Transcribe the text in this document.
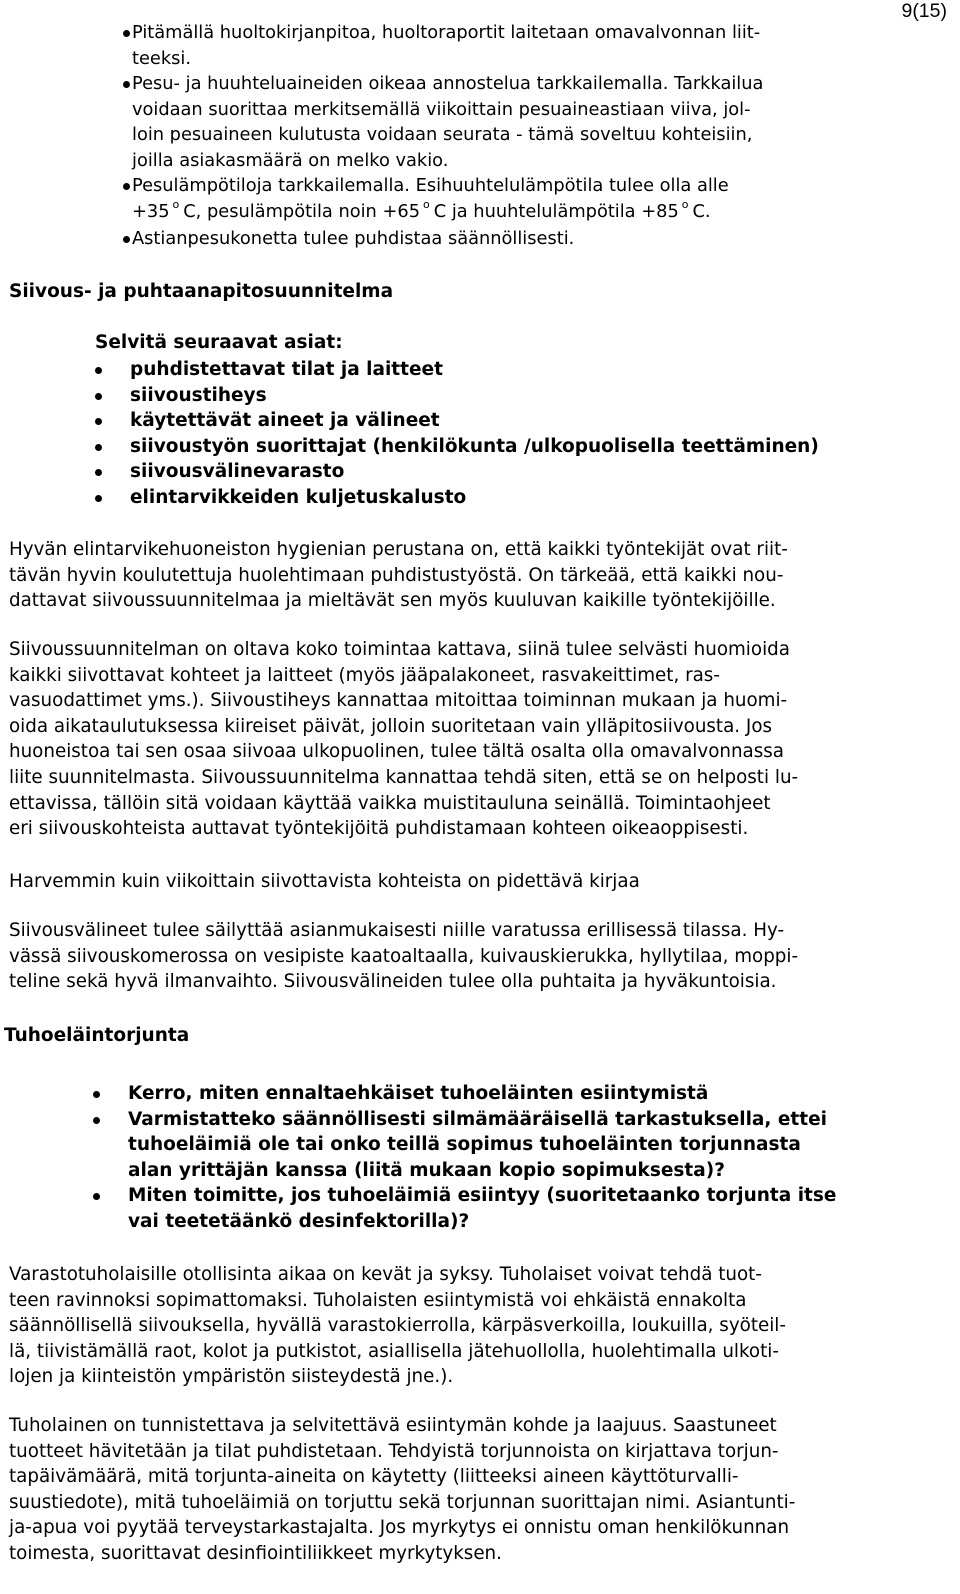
9(15)
Pitämällä huoltokirjanpitoa, huoltoraportit laitetaan omavalvonnan liit-
teeksi.
Pesu- ja huuhteluaineiden oikeaa annostelua tarkkailemalla. Tarkkailua
voidaan suorittaa merkitsemällä viikoittain pesuaineastiaan viiva, jol-
loin pesuaineen kulutusta voidaan seurata - tämä soveltuu kohteisiin,
joilla asiakasmäärä on melko vakio.
Pesulämpötiloja tarkkailemalla. Esihuuhtelulämpötila tulee olla alle
+35 $^o$ C, pesulämpötila noin +65 $^o$ C ja huuhtelulämpötila +85 $^o$ C.
Astianpesukonetta tulee puhdistaa säännöllisesti.
Siivous- ja puhtaanapitosuunnitelma
Selvitä seuraavat asiat:
puhdistettavat tilat ja laitteet
siivoustiheys
käytettävät aineet ja välineet
siivoustyön suorittajat (henkilökunta /ulkopuolisella teettäminen)
siivousvälinevarasto
elintarvikkeiden kuljetuskalusto

Hyvän elintarvikehuoneiston hygienian perustana on, että kaikki työntekijät ovat riit-
tävän hyvin koulutettuja huolehtimaan puhdistustyöstä. On tärkeää, että kaikki nou-
dattavat siivoussuunnitelmaa ja mieltävät sen myös kuuluvan kaikille työntekijöille.

Siivoussuunnitelman on oltava koko toimintaa kattava, siinä tulee selvästi huomioida
kaikki siivottavat kohteet ja laitteet (myös jääpalakoneet, rasvakeittimet, ras-
vasuodattimet yms.). Siivoustiheys kannattaa mitoittaa toiminnan mukaan ja huomi-
oida aikataulutuksessa kiireiset päivät, jolloin suoritetaan vain ylläpitosiivousta. Jos
huoneistoa tai sen osaa siivoaa ulkopuolinen, tulee tältä osalta olla omavalvonnassa
liite suunnitelmasta. Siivoussuunnitelma kannattaa tehdä siten, että se on helposti lu-
ettavissa, tällöin sitä voidaan käyttää vaikka muistitauluna seinällä. Toimintaohjeet
eri siivouskohteista auttavat työntekijöitä puhdistamaan kohteen oikeaoppisesti.

Harvemmin kuin viikoittain siivottavista kohteista on pidettävä kirjaa

Siivousvälineet tulee säilyttää asianmukaisesti niille varatussa erillisessä tilassa. Hy-
vässä siivouskomerossa on vesipiste kaatoaltaalla, kuivauskierukka, hyllytilaa, moppi-
teline sekä hyvä ilmanvaihto. Siivousvälineiden tulee olla puhtaita ja hyväkuntoisia.

Tuhoeläintorjunta
Kerro, miten ennaltaehkäiset tuhoeläinten esiintymistä
Varmistatteko säännöllisesti silmämääräisellä tarkastuksella, ettei
tuhoeläimiä ole tai onko teillä sopimus tuhoeläinten torjunnasta
alan yrittäjän kanssa (liitä mukaan kopio sopimuksesta)?
Miten toimitte, jos tuhoeläimiä esiintyy (suoritetaanko torjunta itse
vai teetetäänkö desinfektorilla)?

Varastotuholaisille otollisinta aikaa on kevät ja syksy. Tuholaiset voivat tehdä tuot-
teen ravinnoksi sopimattomaksi. Tuholaisten esiintymistä voi ehkäistä ennakolta
säännöllisellä siivouksella, hyvällä varastokierrolla, kärpäsverkoilla, loukuilla, syöteil-
lä, tiivistämällä raot, kolot ja putkistot, asiallisella jätehuollolla, huolehtimalla ulkoti-
lojen ja kiinteistön ympäristön siisteydestä jne.).

Tuholainen on tunnistettava ja selvitettävä esiintymän kohde ja laajuus. Saastuneet
tuotteet hävitetään ja tilat puhdistetaan. Tehdyistä torjunnoista on kirjattava torjun-
tapäivämäärä, mitä torjunta-aineita on käytetty (liitteeksi aineen käyttöturvalli-
suustiedote), mitä tuhoeläimiä on torjuttu sekä torjunnan suorittajan nimi. Asiantunti-
ja-apua voi pyytää terveystarkastajalta. Jos myrkytys ei onnistu oman henkilökunnan
toimesta, suorittavat desinfiointiliikkeet myrkytyksen.
